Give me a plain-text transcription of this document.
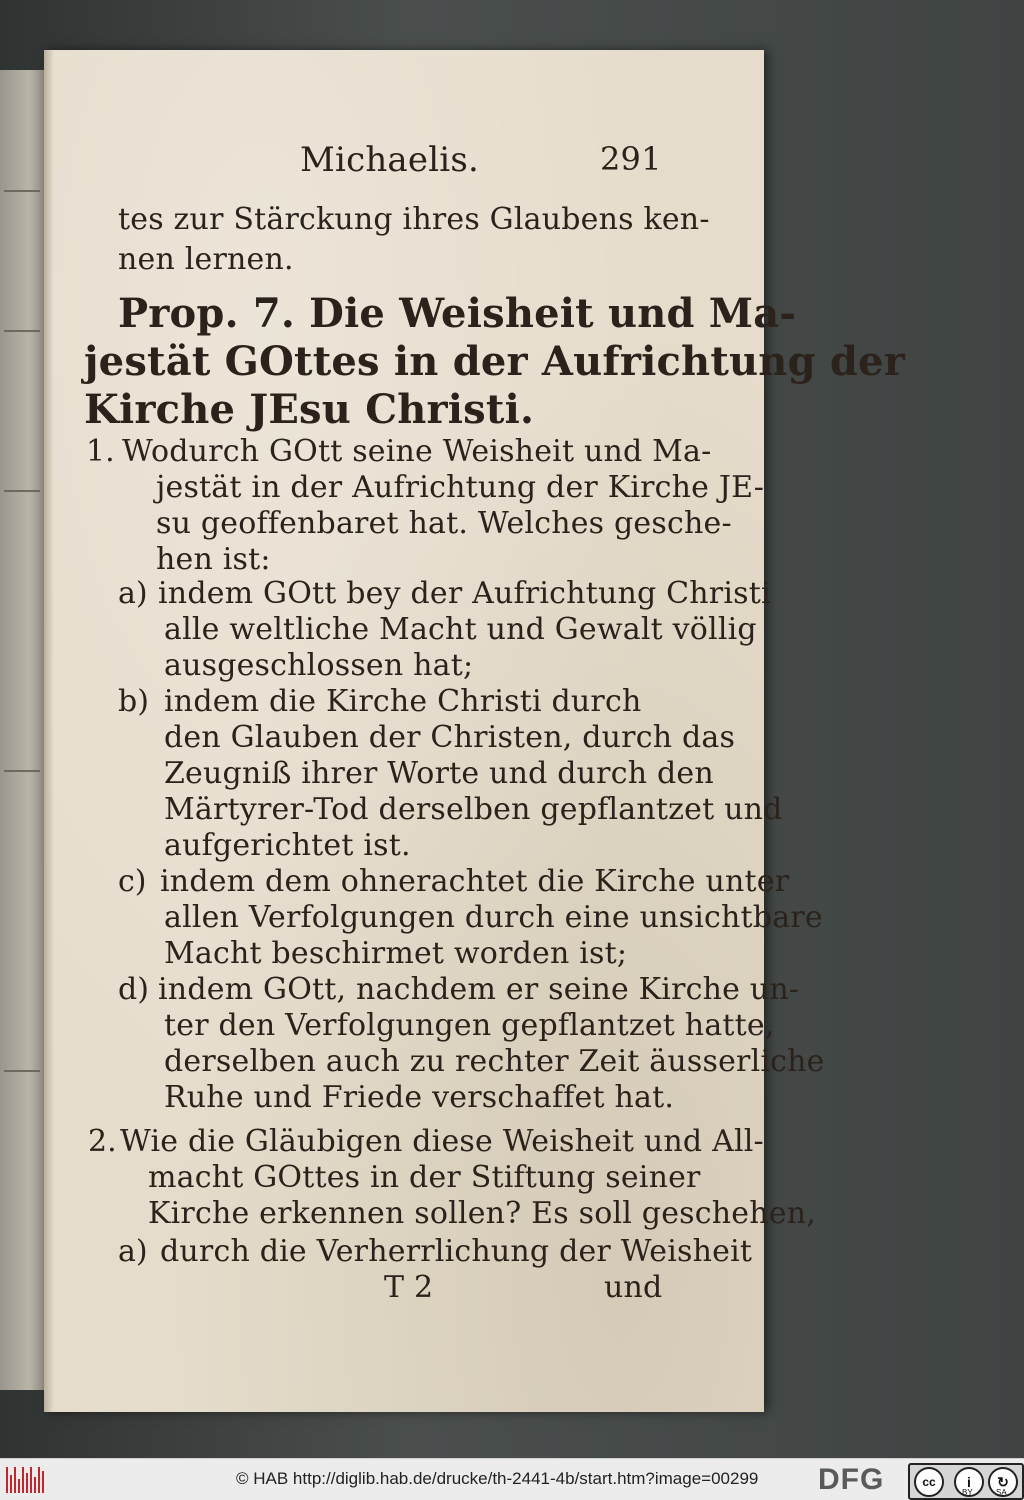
Michaelis.	291
tes zur Stärckung ihres Glaubens ken-
nen lernen.
Prop. 7. Die Weisheit und Ma-
jestät GOttes in der Aufrichtung der
Kirche JEsu Christi.
1. Wodurch GOtt seine Weisheit und Ma-
jestät in der Aufrichtung der Kirche JE-
su geoffenbaret hat. Welches gesche-
hen ist:
a) indem GOtt bey der Aufrichtung Christi
alle weltliche Macht und Gewalt völlig
ausgeschlossen hat;
b) indem die Kirche Christi durch
den Glauben der Christen, durch das
Zeugniß ihrer Worte und durch den
Märtyrer-Tod derselben gepflantzet und
aufgerichtet ist.
c) indem dem ohnerachtet die Kirche unter
allen Verfolgungen durch eine unsichtbare
Macht beschirmet worden ist;
d) indem GOtt, nachdem er seine Kirche un-
ter den Verfolgungen gepflantzet hatte,
derselben auch zu rechter Zeit äusserliche
Ruhe und Friede verschaffet hat.
2. Wie die Gläubigen diese Weisheit und All-
macht GOttes in der Stiftung seiner
Kirche erkennen sollen? Es soll geschehen,
a) durch die Verherrlichung der Weisheit
T 2	und
© HAB http://diglib.hab.de/drucke/th-2441-4b/start.htm?image=00299 DFG	cc	i	↻
BY	SA
